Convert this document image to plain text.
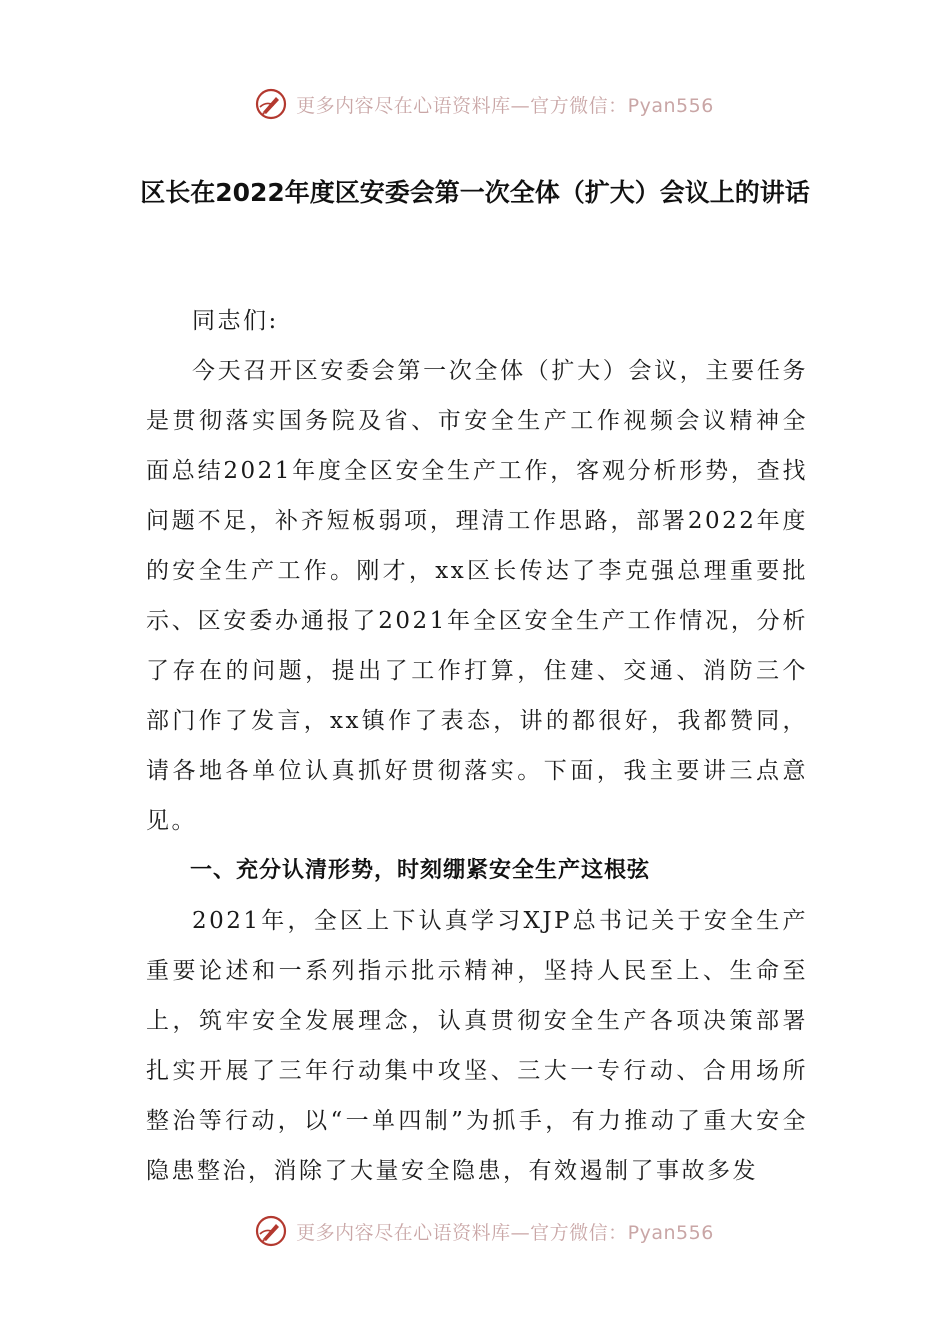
更多内容尽在心语资料库—官方微信：Pyan556
区长在2022年度区安委会第一次全体（扩大）会议上的讲话

同志们:

今天召开区安委会第一次全体（扩大）会议，主要任务是贯彻落实国务院及省、市安全生产工作视频会议精神全面总结2021年度全区安全生产工作，客观分析形势，查找问题不足，补齐短板弱项，理清工作思路，部署2022年度的安全生产工作。刚才，xx区长传达了李克强总理重要批示、区安委办通报了2021年全区安全生产工作情况，分析了存在的问题，提出了工作打算，住建、交通、消防三个部门作了发言，xx镇作了表态，讲的都很好，我都赞同，请各地各单位认真抓好贯彻落实。下面，我主要讲三点意见。

一、充分认清形势，时刻绷紧安全生产这根弦

2021年，全区上下认真学习XJP总书记关于安全生产重要论述和一系列指示批示精神，坚持人民至上、生命至上，筑牢安全发展理念，认真贯彻安全生产各项决策部署扎实开展了三年行动集中攻坚、三大一专行动、合用场所整治等行动，以“一单四制”为抓手，有力推动了重大安全隐患整治，消除了大量安全隐患，有效遏制了事故多发

更多内容尽在心语资料库—官方微信：Pyan556
